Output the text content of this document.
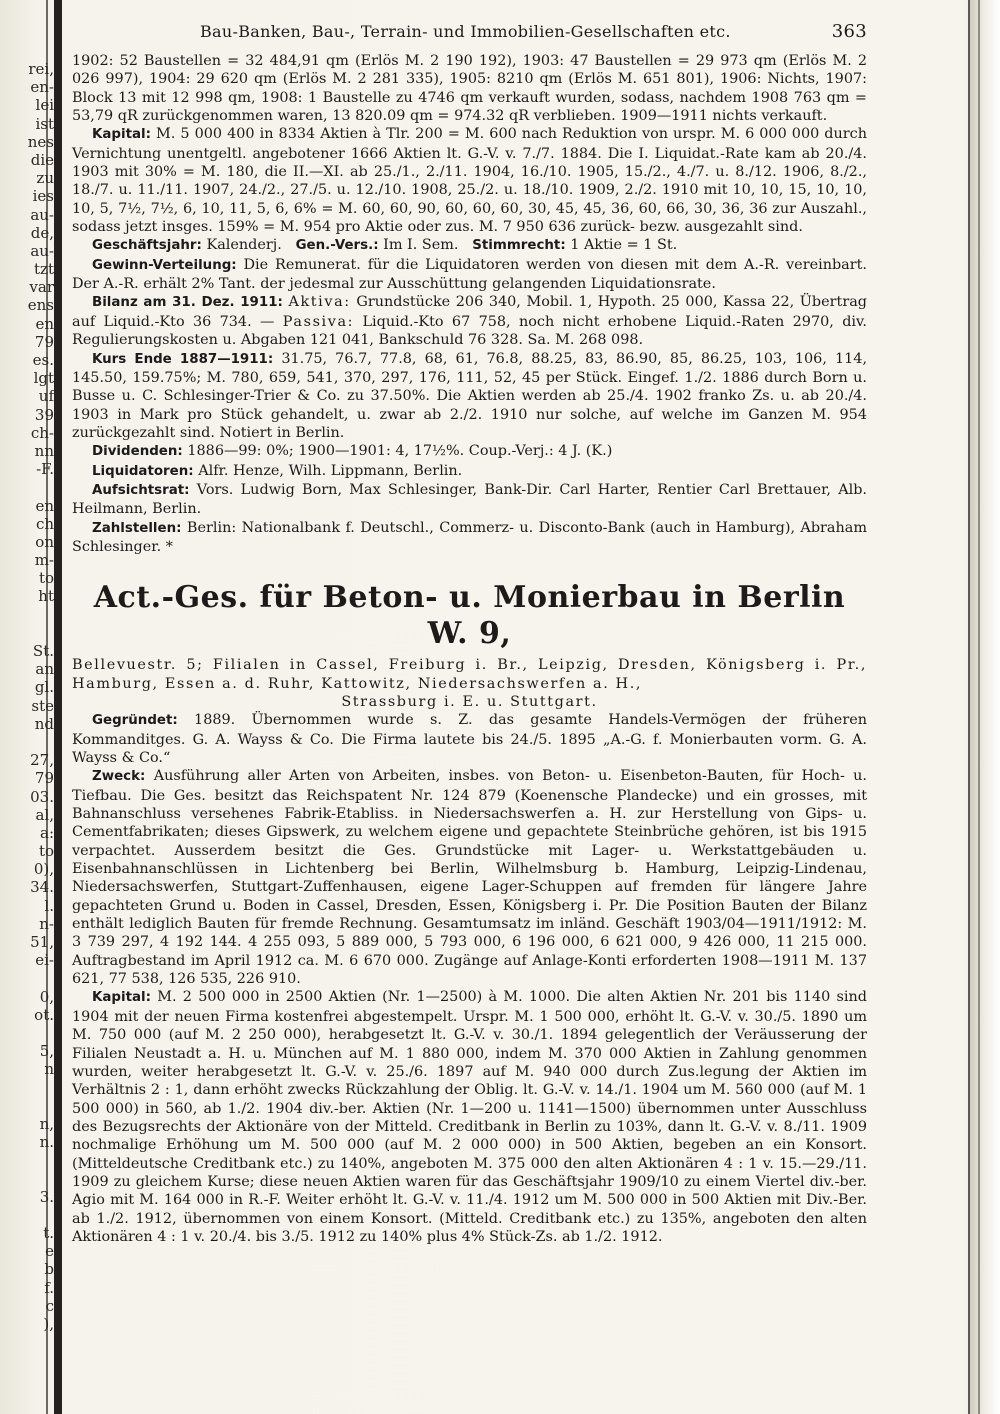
rei,
en-
lei
ist
nes
die
zu
ies
au-
de,
au-
tzt
var
ens
en
79
es.
lgt
uf
39
ch-
nn
-F.
en
ch
on
m-
to
ht
St.
an
gl.
ste
nd
27,
79
03.
al,
a:
to
0),
34.
l.
n-
51,
ei-
0,
ot.
5,
n
n,
n.
3.
t.
e
b
f.
c
),
Bau-Banken, Bau-, Terrain- und Immobilien-Gesellschaften etc.	363

1902: 52 Baustellen = 32 484,91 qm (Erlös M. 2 190 192), 1903: 47 Baustellen = 29 973 qm (Erlös M. 2 026 997), 1904: 29 620 qm (Erlös M. 2 281 335), 1905: 8210 qm (Erlös M. 651 801), 1906: Nichts, 1907: Block 13 mit 12 998 qm, 1908: 1 Baustelle zu 4746 qm verkauft wurden, sodass, nachdem 1908 763 qm = 53,79 qR zurückgenommen waren, 13 820.09 qm = 974.32 qR verblieben. 1909—1911 nichts verkauft.

Kapital: M. 5 000 400 in 8334 Aktien à Tlr. 200 = M. 600 nach Reduktion von urspr. M. 6 000 000 durch Vernichtung unentgeltl. angebotener 1666 Aktien lt. G.-V. v. 7./7. 1884. Die I. Liquidat.-Rate kam ab 20./4. 1903 mit 30% = M. 180, die II.—XI. ab 25./1., 2./11. 1904, 16./10. 1905, 15./2., 4./7. u. 8./12. 1906, 8./2., 18./7. u. 11./11. 1907, 24./2., 27./5. u. 12./10. 1908, 25./2. u. 18./10. 1909, 2./2. 1910 mit 10, 10, 15, 10, 10, 10, 5, 7½, 7½, 6, 10, 11, 5, 6, 6% = M. 60, 60, 90, 60, 60, 60, 30, 45, 45, 36, 60, 66, 30, 36, 36 zur Auszahl., sodass jetzt insges. 159% = M. 954 pro Aktie oder zus. M. 7 950 636 zurück- bezw. ausgezahlt sind.

Geschäftsjahr: Kalenderj. Gen.-Vers.: Im I. Sem. Stimmrecht: 1 Aktie = 1 St.

Gewinn-Verteilung: Die Remunerat. für die Liquidatoren werden von diesen mit dem A.-R. vereinbart. Der A.-R. erhält 2% Tant. der jedesmal zur Ausschüttung gelangenden Liquidationsrate.

Bilanz am 31. Dez. 1911: Aktiva: Grundstücke 206 340, Mobil. 1, Hypoth. 25 000, Kassa 22, Übertrag auf Liquid.-Kto 36 734. — Passiva: Liquid.-Kto 67 758, noch nicht erhobene Liquid.-Raten 2970, div. Regulierungskosten u. Abgaben 121 041, Bankschuld 76 328. Sa. M. 268 098.

Kurs Ende 1887—1911: 31.75, 76.7, 77.8, 68, 61, 76.8, 88.25, 83, 86.90, 85, 86.25, 103, 106, 114, 145.50, 159.75%; M. 780, 659, 541, 370, 297, 176, 111, 52, 45 per Stück. Eingef. 1./2. 1886 durch Born u. Busse u. C. Schlesinger-Trier & Co. zu 37.50%. Die Aktien werden ab 25./4. 1902 franko Zs. u. ab 20./4. 1903 in Mark pro Stück gehandelt, u. zwar ab 2./2. 1910 nur solche, auf welche im Ganzen M. 954 zurückgezahlt sind. Notiert in Berlin.

Dividenden: 1886—99: 0%; 1900—1901: 4, 17½%. Coup.-Verj.: 4 J. (K.)

Liquidatoren: Alfr. Henze, Wilh. Lippmann, Berlin.

Aufsichtsrat: Vors. Ludwig Born, Max Schlesinger, Bank-Dir. Carl Harter, Rentier Carl Brettauer, Alb. Heilmann, Berlin.

Zahlstellen: Berlin: Nationalbank f. Deutschl., Commerz- u. Disconto-Bank (auch in Hamburg), Abraham Schlesinger. *

Act.-Ges. für Beton- u. Monierbau in Berlin W. 9,
Bellevuestr. 5; Filialen in Cassel, Freiburg i. Br., Leipzig, Dresden, Königsberg i. Pr., Hamburg, Essen a. d. Ruhr, Kattowitz, Niedersachswerfen a. H.,
Strassburg i. E. u. Stuttgart.

Gegründet: 1889. Übernommen wurde s. Z. das gesamte Handels-Vermögen der früheren Kommanditges. G. A. Wayss & Co. Die Firma lautete bis 24./5. 1895 „A.-G. f. Monierbauten vorm. G. A. Wayss & Co.“

Zweck: Ausführung aller Arten von Arbeiten, insbes. von Beton- u. Eisenbeton-Bauten, für Hoch- u. Tiefbau. Die Ges. besitzt das Reichspatent Nr. 124 879 (Koenensche Plandecke) und ein grosses, mit Bahnanschluss versehenes Fabrik-Etabliss. in Niedersachswerfen a. H. zur Herstellung von Gips- u. Cementfabrikaten; dieses Gipswerk, zu welchem eigene und gepachtete Steinbrüche gehören, ist bis 1915 verpachtet. Ausserdem besitzt die Ges. Grundstücke mit Lager- u. Werkstattgebäuden u. Eisenbahnanschlüssen in Lichtenberg bei Berlin, Wilhelmsburg b. Hamburg, Leipzig-Lindenau, Niedersachswerfen, Stuttgart-Zuffenhausen, eigene Lager-Schuppen auf fremden für längere Jahre gepachteten Grund u. Boden in Cassel, Dresden, Essen, Königsberg i. Pr. Die Position Bauten der Bilanz enthält lediglich Bauten für fremde Rechnung. Gesamtumsatz im inländ. Geschäft 1903/04—1911/1912: M. 3 739 297, 4 192 144. 4 255 093, 5 889 000, 5 793 000, 6 196 000, 6 621 000, 9 426 000, 11 215 000. Auftragbestand im April 1912 ca. M. 6 670 000. Zugänge auf Anlage-Konti erforderten 1908—1911 M. 137 621, 77 538, 126 535, 226 910.

Kapital: M. 2 500 000 in 2500 Aktien (Nr. 1—2500) à M. 1000. Die alten Aktien Nr. 201 bis 1140 sind 1904 mit der neuen Firma kostenfrei abgestempelt. Urspr. M. 1 500 000, erhöht lt. G.-V. v. 30./5. 1890 um M. 750 000 (auf M. 2 250 000), herabgesetzt lt. G.-V. v. 30./1. 1894 gelegentlich der Veräusserung der Filialen Neustadt a. H. u. München auf M. 1 880 000, indem M. 370 000 Aktien in Zahlung genommen wurden, weiter herabgesetzt lt. G.-V. v. 25./6. 1897 auf M. 940 000 durch Zus.legung der Aktien im Verhältnis 2 : 1, dann erhöht zwecks Rückzahlung der Oblig. lt. G.-V. v. 14./1. 1904 um M. 560 000 (auf M. 1 500 000) in 560, ab 1./2. 1904 div.-ber. Aktien (Nr. 1—200 u. 1141—1500) übernommen unter Ausschluss des Bezugsrechts der Aktionäre von der Mitteld. Creditbank in Berlin zu 103%, dann lt. G.-V. v. 8./11. 1909 nochmalige Erhöhung um M. 500 000 (auf M. 2 000 000) in 500 Aktien, begeben an ein Konsort. (Mitteldeutsche Creditbank etc.) zu 140%, angeboten M. 375 000 den alten Aktionären 4 : 1 v. 15.—29./11. 1909 zu gleichem Kurse; diese neuen Aktien waren für das Geschäftsjahr 1909/10 zu einem Viertel div.-ber. Agio mit M. 164 000 in R.-F. Weiter erhöht lt. G.-V. v. 11./4. 1912 um M. 500 000 in 500 Aktien mit Div.-Ber. ab 1./2. 1912, übernommen von einem Konsort. (Mitteld. Creditbank etc.) zu 135%, angeboten den alten Aktionären 4 : 1 v. 20./4. bis 3./5. 1912 zu 140% plus 4% Stück-Zs. ab 1./2. 1912.
